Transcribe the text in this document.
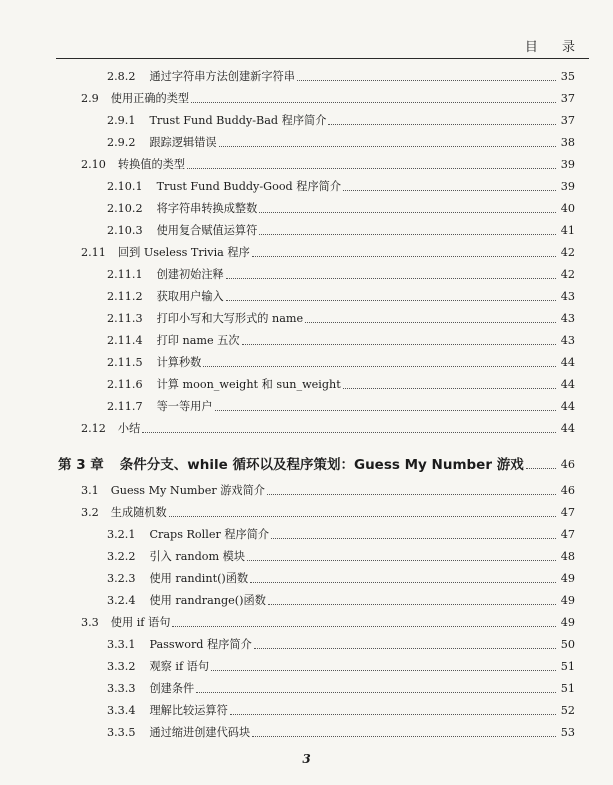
目 录
2.8.2 通过字符串方法创建新字符串	35
2.9 使用正确的类型	37
2.9.1 Trust Fund Buddy-Bad 程序简介	37
2.9.2 跟踪逻辑错误	38
2.10 转换值的类型	39
2.10.1 Trust Fund Buddy-Good 程序简介	39
2.10.2 将字符串转换成整数	40
2.10.3 使用复合赋值运算符	41
2.11 回到 Useless Trivia 程序	42
2.11.1 创建初始注释	42
2.11.2 获取用户输入	43
2.11.3 打印小写和大写形式的 name	43
2.11.4 打印 name 五次	43
2.11.5 计算秒数	44
2.11.6 计算 moon_weight 和 sun_weight	44
2.11.7 等一等用户	44
2.12 小结	44
第 3 章 条件分支、while 循环以及程序策划：Guess My Number 游戏	46
3.1 Guess My Number 游戏简介	46
3.2 生成随机数	47
3.2.1 Craps Roller 程序简介	47
3.2.2 引入 random 模块	48
3.2.3 使用 randint()函数	49
3.2.4 使用 randrange()函数	49
3.3 使用 if 语句	49
3.3.1 Password 程序简介	50
3.3.2 观察 if 语句	51
3.3.3 创建条件	51
3.3.4 理解比较运算符	52
3.3.5 通过缩进创建代码块	53
3
